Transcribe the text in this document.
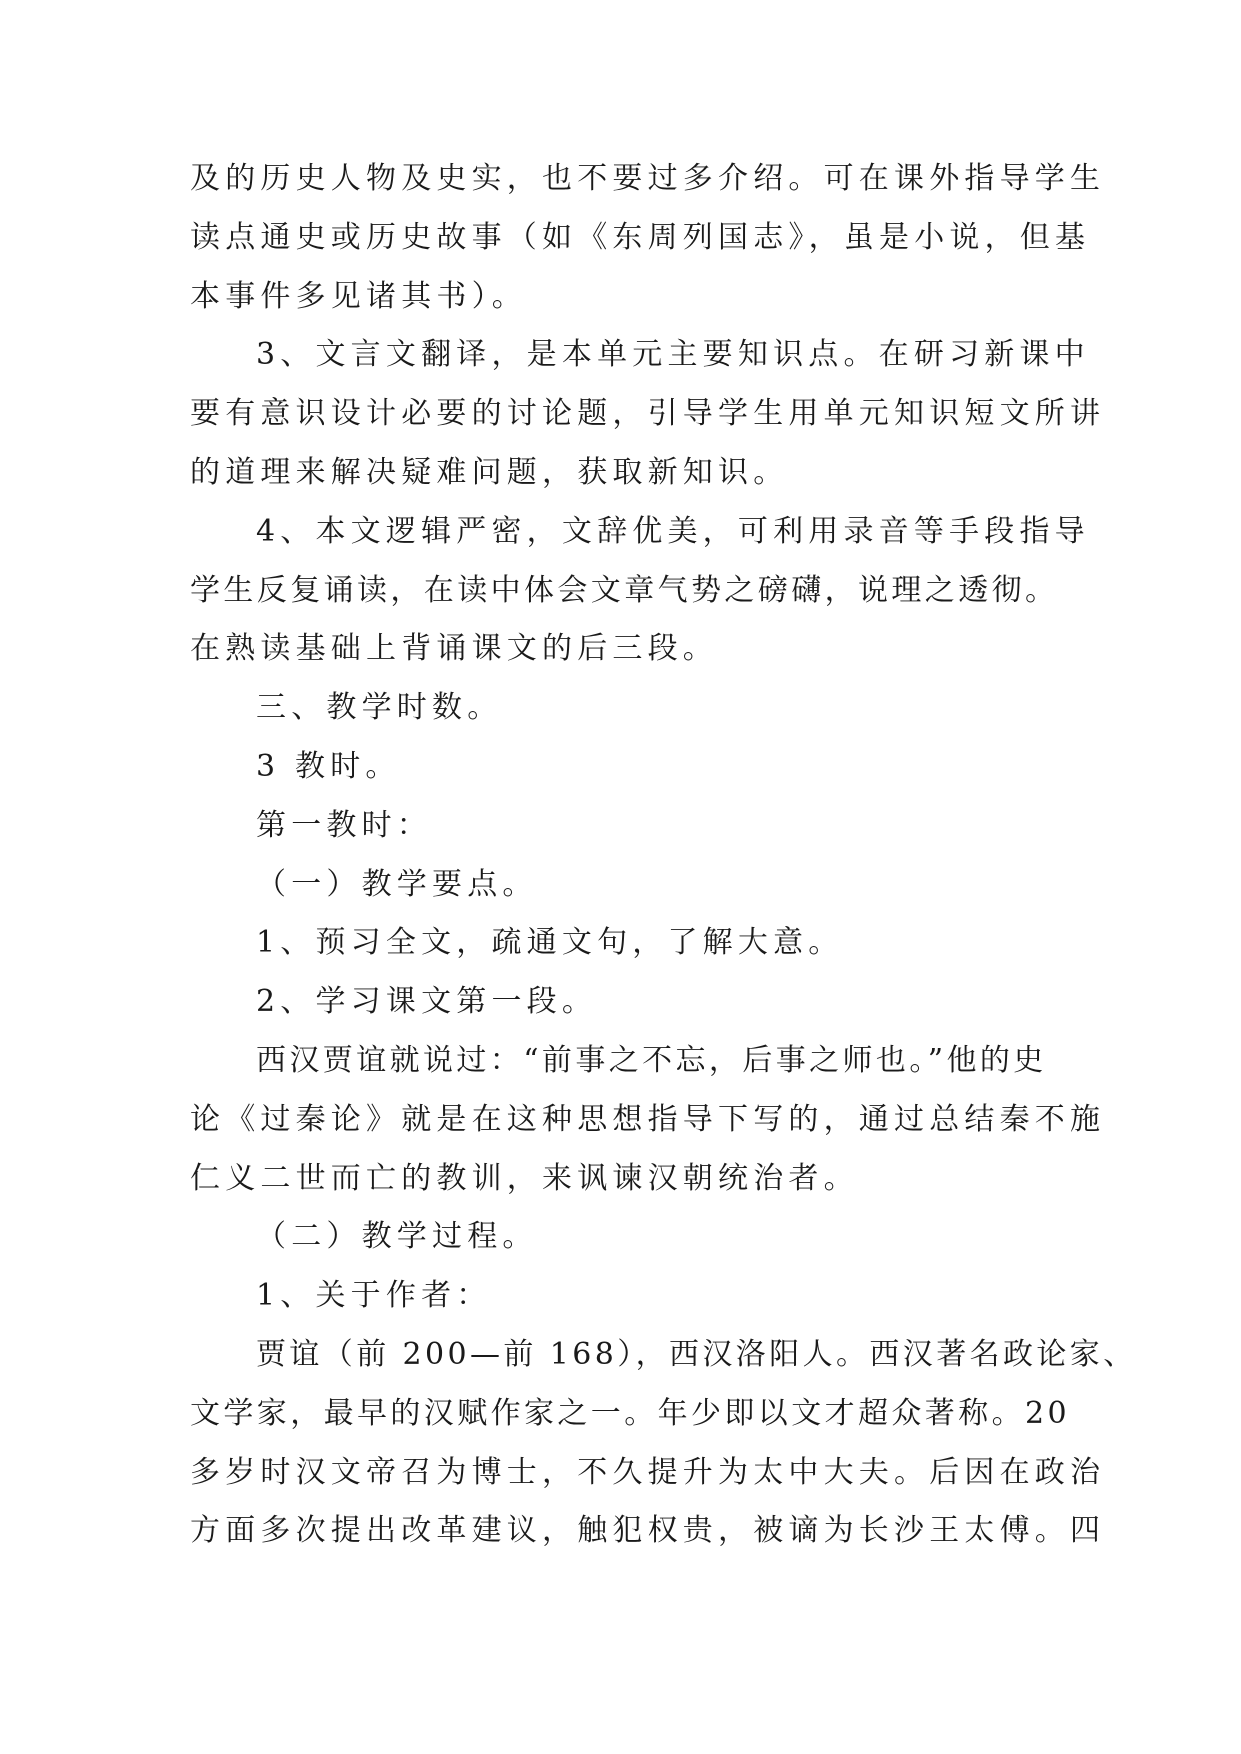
及的历史人物及史实，也不要过多介绍。可在课外指导学生
读点通史或历史故事（如《东周列国志》，虽是小说，但基
本事件多见诸其书）。
3、文言文翻译，是本单元主要知识点。在研习新课中
要有意识设计必要的讨论题，引导学生用单元知识短文所讲
的道理来解决疑难问题，获取新知识。
4、本文逻辑严密，文辞优美，可利用录音等手段指导
学生反复诵读，在读中体会文章气势之磅礴，说理之透彻。
在熟读基础上背诵课文的后三段。
三、教学时数。
3 教时。
第一教时：
（一）教学要点。
1、预习全文，疏通文句，了解大意。
2、学习课文第一段。
西汉贾谊就说过：“前事之不忘，后事之师也。”他的史
论《过秦论》就是在这种思想指导下写的，通过总结秦不施
仁义二世而亡的教训，来讽谏汉朝统治者。
（二）教学过程。
1、关于作者：
贾谊（前 200—前 168），西汉洛阳人。西汉著名政论家、
文学家，最早的汉赋作家之一。年少即以文才超众著称。20
多岁时汉文帝召为博士，不久提升为太中大夫。后因在政治
方面多次提出改革建议，触犯权贵，被谪为长沙王太傅。四
